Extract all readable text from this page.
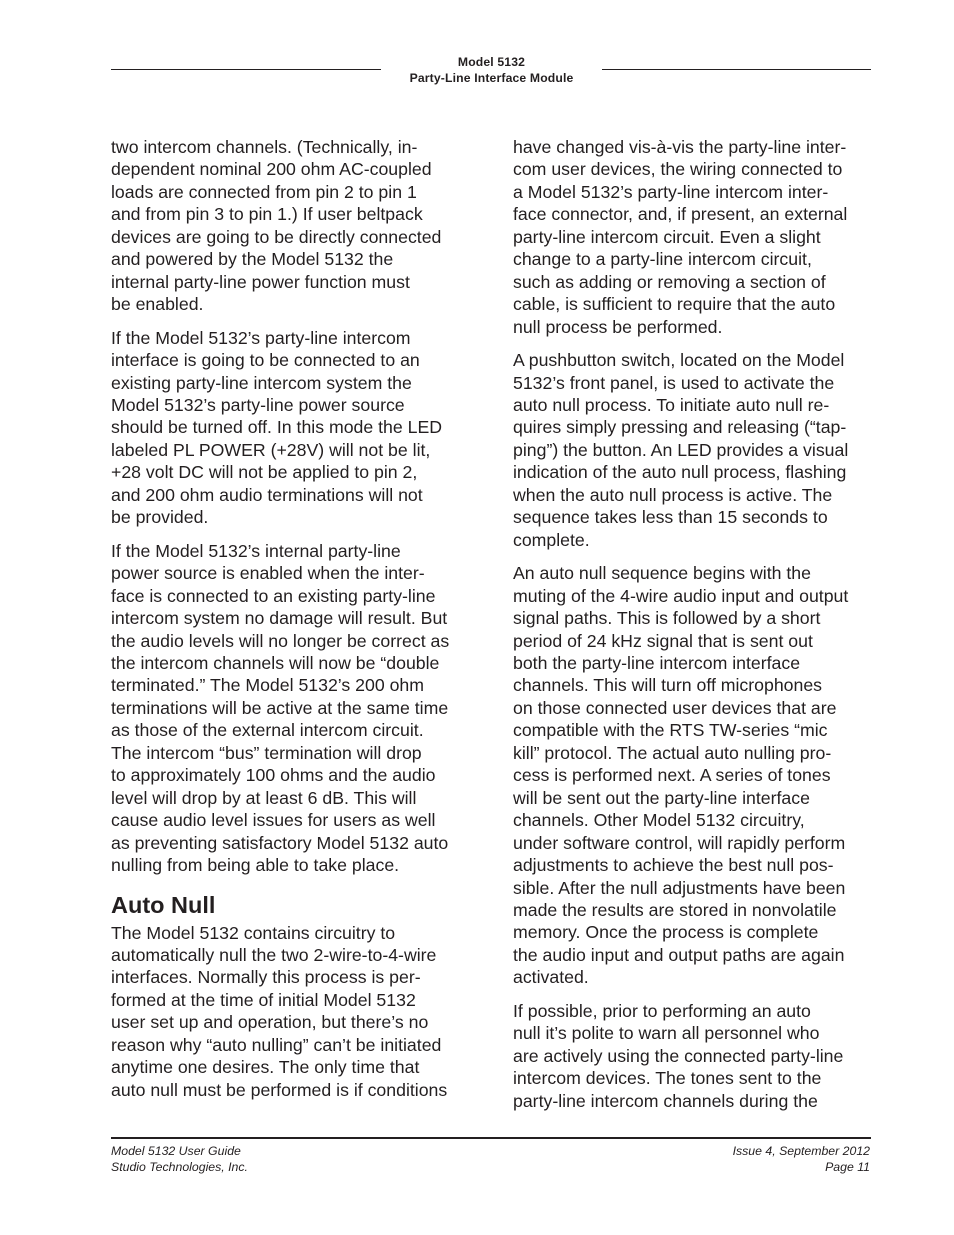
Model 5132
Party-Line Interface Module

two intercom channels. (Technically, in-
dependent nominal 200 ohm AC-coupled
loads are connected from pin 2 to pin 1
and from pin 3 to pin 1.) If user beltpack
devices are going to be directly connected
and powered by the Model 5132 the
internal party-line power function must
be enabled.

If the Model 5132’s party-line intercom
interface is going to be connected to an
existing party-line intercom system the
Model 5132’s party-line power source
should be turned off. In this mode the LED
labeled PL POWER (+28V) will not be lit,
+28 volt DC will not be applied to pin 2,
and 200 ohm audio terminations will not
be provided.

If the Model 5132’s internal party-line
power source is enabled when the inter-
face is connected to an existing party-line
intercom system no damage will result. But
the audio levels will no longer be correct as
the intercom channels will now be “double
terminated.” The Model 5132’s 200 ohm
terminations will be active at the same time
as those of the external intercom circuit.
The intercom “bus” termination will drop
to approximately 100 ohms and the audio
level will drop by at least 6 dB. This will
cause audio level issues for users as well
as preventing satisfactory Model 5132 auto
nulling from being able to take place.

Auto Null

The Model 5132 contains circuitry to
automatically null the two 2-wire-to-4-wire
interfaces. Normally this process is per-
formed at the time of initial Model 5132
user set up and operation, but there’s no
reason why “auto nulling” can’t be initiated
anytime one desires. The only time that
auto null must be performed is if conditions

have changed vis-à-vis the party-line inter-
com user devices, the wiring connected to
a Model 5132’s party-line intercom inter-
face connector, and, if present, an external
party-line intercom circuit. Even a slight
change to a party-line intercom circuit,
such as adding or removing a section of
cable, is sufficient to require that the auto
null process be performed.

A pushbutton switch, located on the Model
5132’s front panel, is used to activate the
auto null process. To initiate auto null re-
quires simply pressing and releasing (“tap-
ping”) the button. An LED provides a visual
indication of the auto null process, flashing
when the auto null process is active. The
sequence takes less than 15 seconds to
complete.

An auto null sequence begins with the
muting of the 4-wire audio input and output
signal paths. This is followed by a short
period of 24 kHz signal that is sent out
both the party-line intercom interface
channels. This will turn off microphones
on those connected user devices that are
compatible with the RTS TW-series “mic
kill” protocol. The actual auto nulling pro-
cess is performed next. A series of tones
will be sent out the party-line interface
channels. Other Model 5132 circuitry,
under software control, will rapidly perform
adjustments to achieve the best null pos-
sible. After the null adjustments have been
made the results are stored in nonvolatile
memory. Once the process is complete
the audio input and output paths are again
activated.

If possible, prior to performing an auto
null it’s polite to warn all personnel who
are actively using the connected party-line
intercom devices. The tones sent to the
party-line intercom channels during the

Model 5132 User Guide
Studio Technologies, Inc.
Issue 4, September 2012
Page 11
